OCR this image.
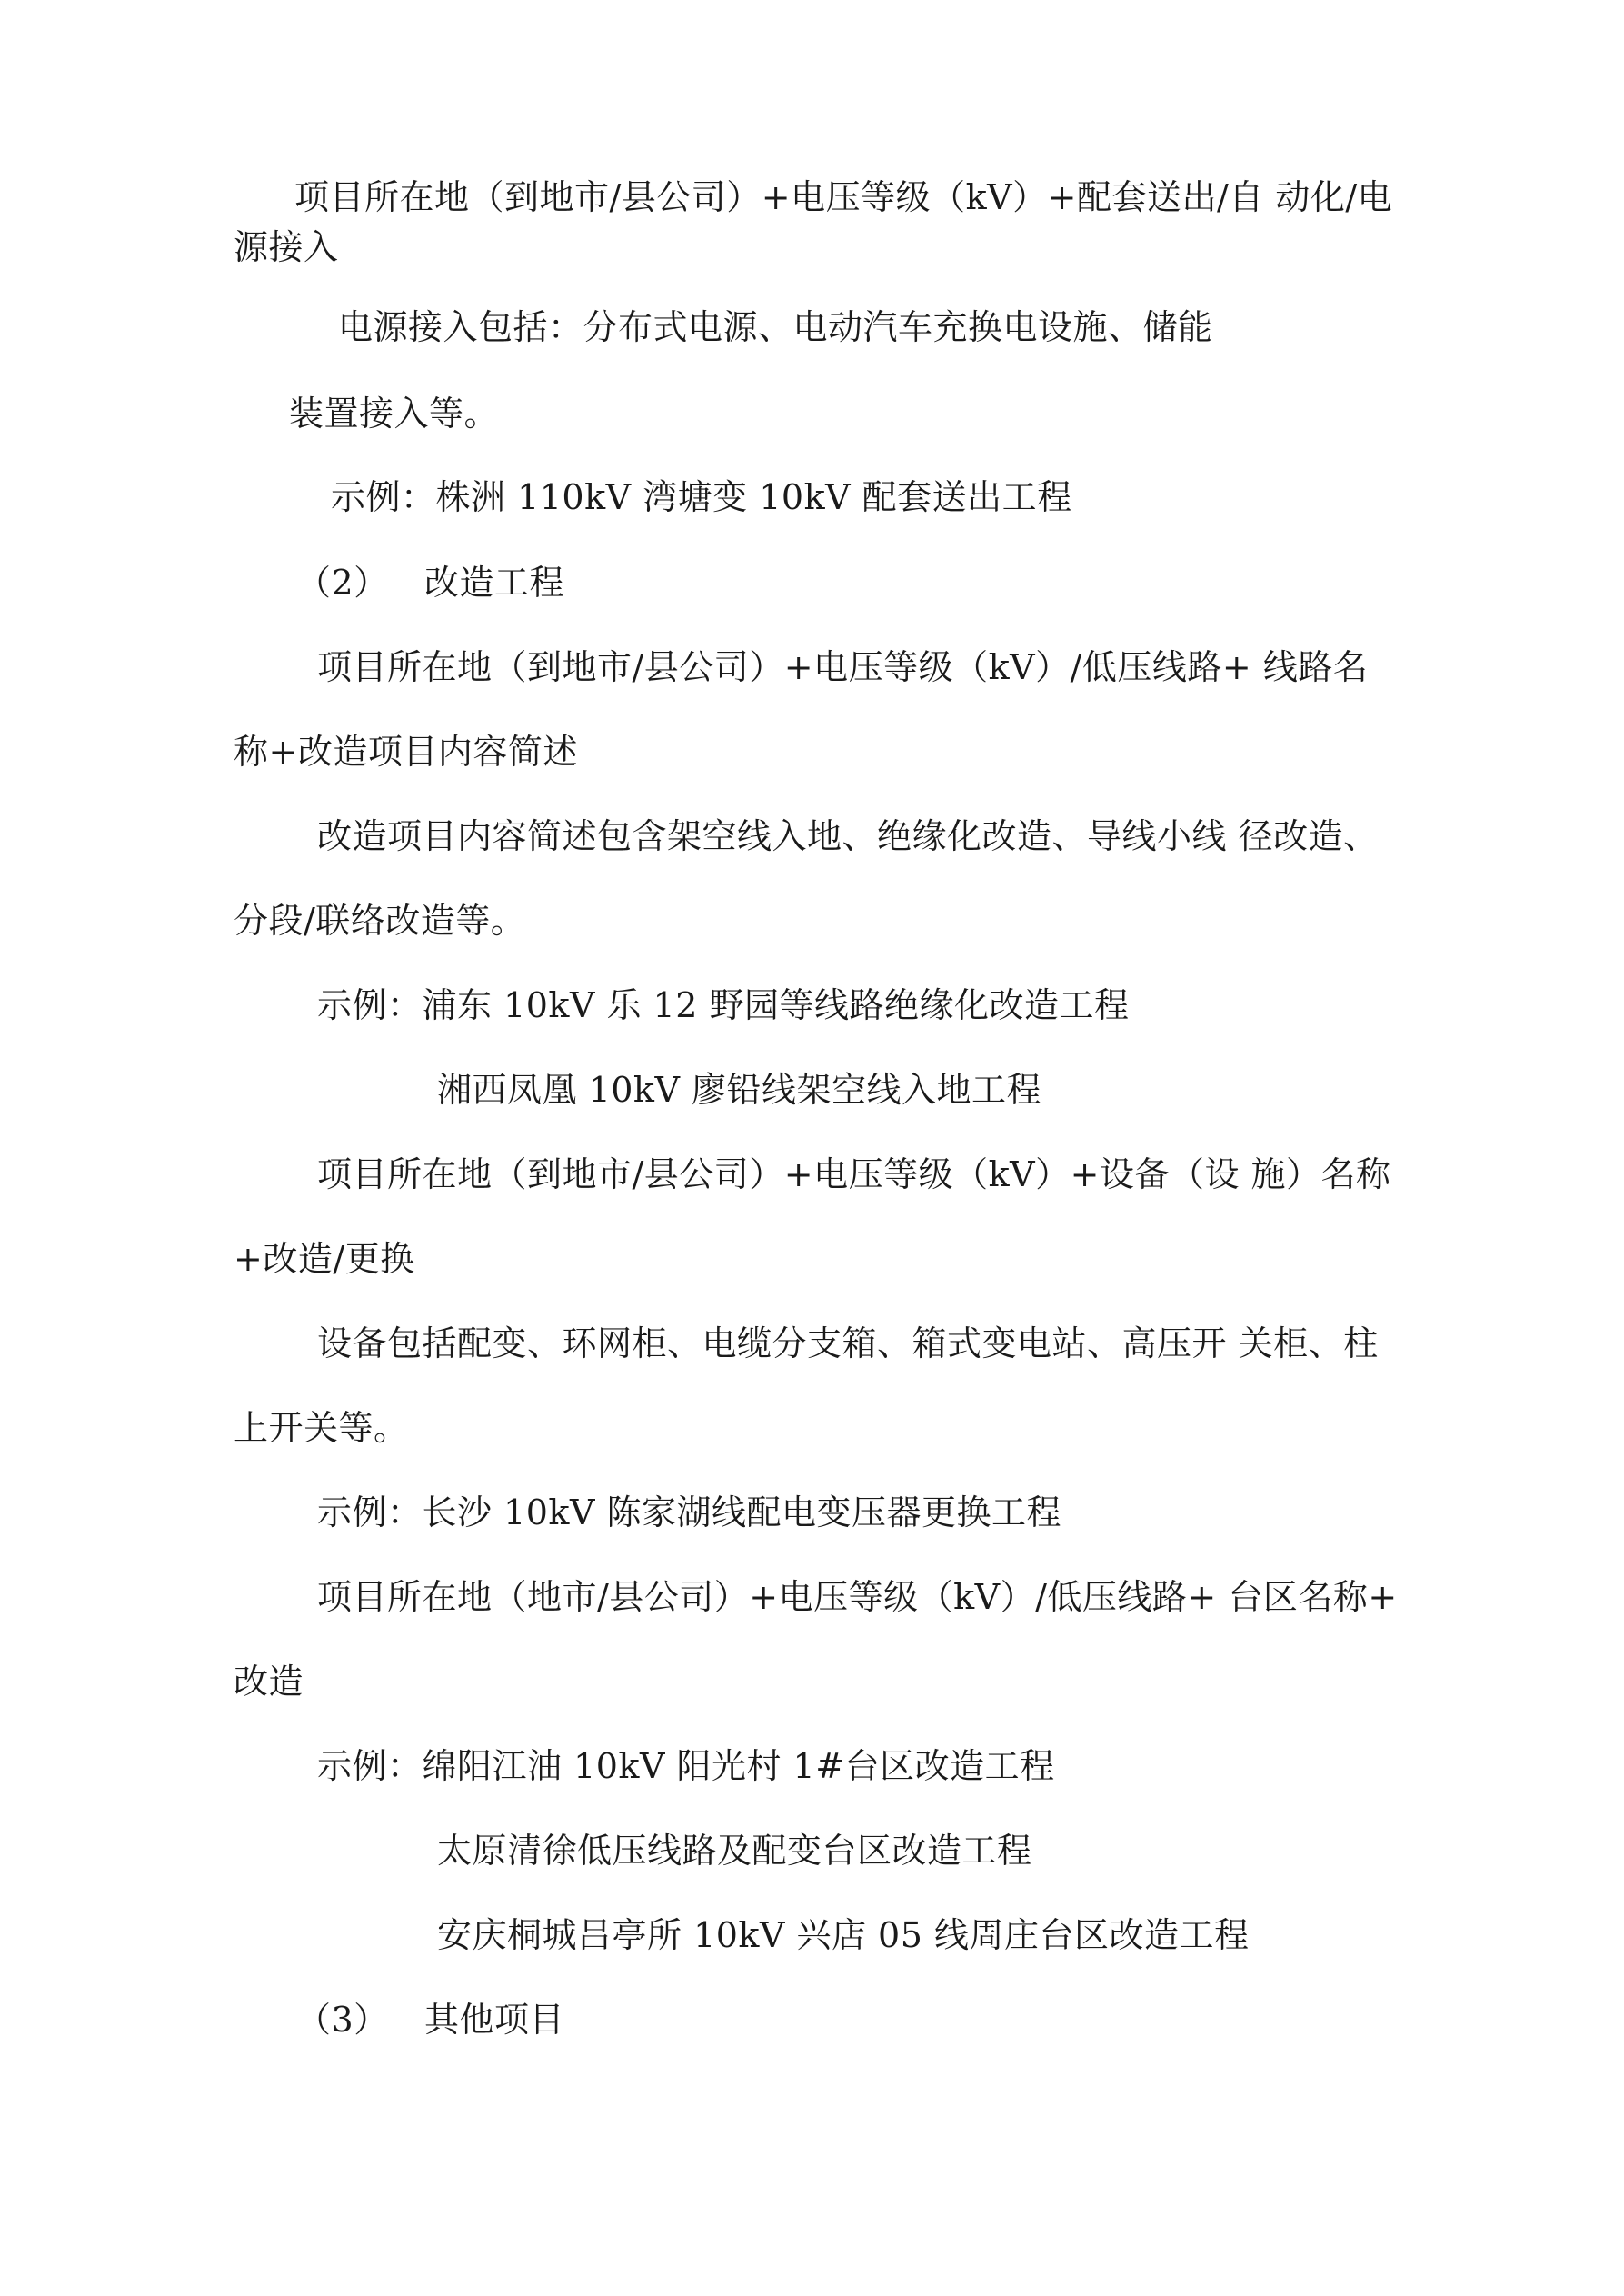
项目所在地（到地市/县公司）+电压等级（kV）+配套送出/自 动化/电
源接入
电源接入包括：分布式电源、电动汽车充换电设施、储能
装置接入等。
示例：株洲 110kV 湾塘变 10kV 配套送出工程
（2） 改造工程
项目所在地（到地市/县公司）+电压等级（kV）/低压线路+ 线路名
称+改造项目内容简述
改造项目内容简述包含架空线入地、绝缘化改造、导线小线 径改造、
分段/联络改造等。
示例：浦东 10kV 乐 12 野园等线路绝缘化改造工程
湘西凤凰 10kV 廖铅线架空线入地工程
项目所在地（到地市/县公司）+电压等级（kV）+设备（设 施）名称
+改造/更换
设备包括配变、环网柜、电缆分支箱、箱式变电站、高压开 关柜、柱
上开关等。
示例：长沙 10kV 陈家湖线配电变压器更换工程
项目所在地（地市/县公司）+电压等级（kV）/低压线路+ 台区名称+
改造
示例：绵阳江油 10kV 阳光村 1#台区改造工程
太原清徐低压线路及配变台区改造工程
安庆桐城吕亭所 10kV 兴店 05 线周庄台区改造工程
（3） 其他项目
